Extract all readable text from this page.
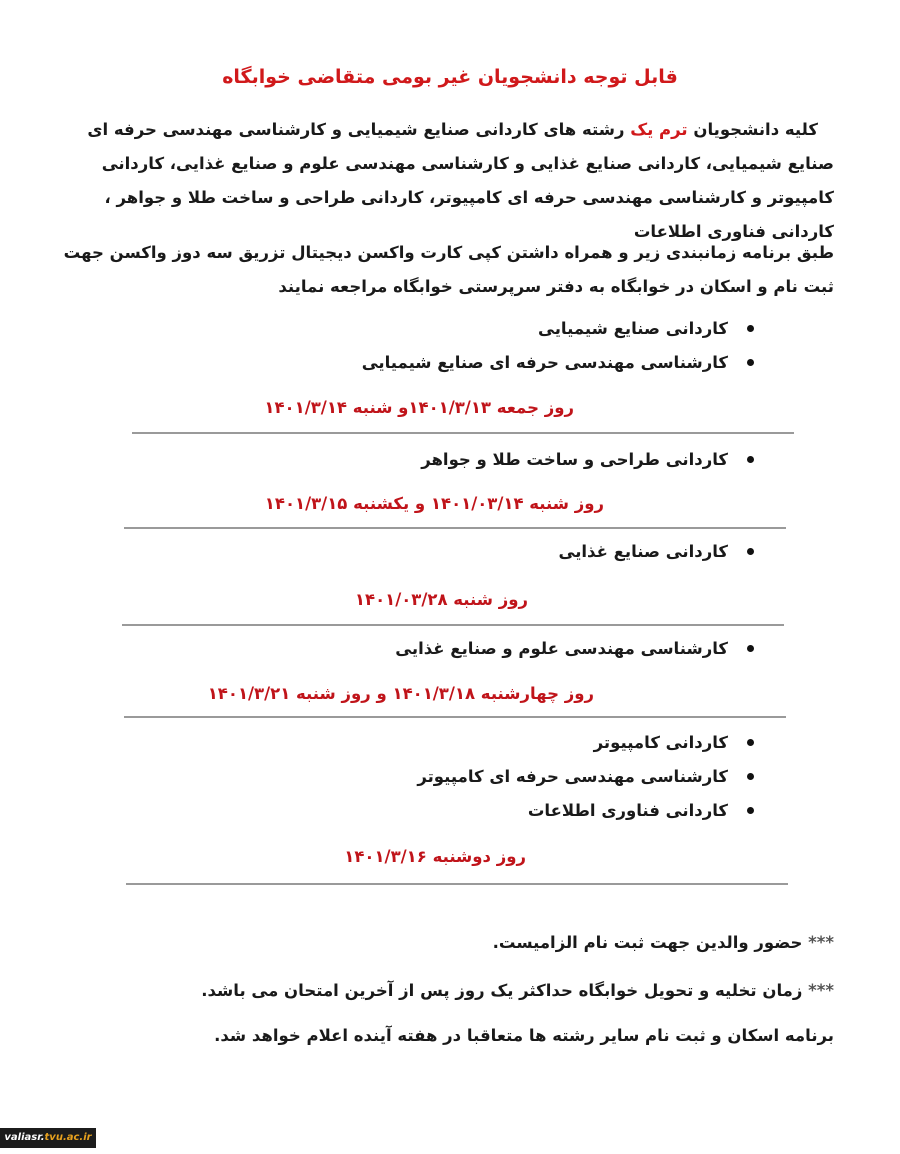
قابل توجه دانشجویان غیر بومی متقاضی خوابگاه

کلیه دانشجویان ترم یک رشته های کاردانی صنایع شیمیایی و کارشناسی مهندسی حرفه ای صنایع شیمیایی، کاردانی صنایع غذایی و کارشناسی مهندسی علوم و صنایع غذایی، کاردانی کامپیوتر و کارشناسی مهندسی حرفه ای کامپیوتر، کاردانی طراحی و ساخت طلا و جواهر ، کاردانی فناوری اطلاعات

طبق برنامه زمانبندی زیر و همراه داشتن کپی کارت واکسن دیجیتال تزریق سه دوز واکسن جهت ثبت نام و اسکان در خوابگاه به دفتر سرپرستی خوابگاه مراجعه نمایند

کاردانی صنایع شیمیایی
کارشناسی مهندسی حرفه ای صنایع شیمیایی
روز جمعه ۱۴۰۱/۳/۱۳و شنبه ۱۴۰۱/۳/۱۴
کاردانی طراحی و ساخت طلا و جواهر
روز شنبه ۱۴۰۱/۰۳/۱۴ و یکشنبه ۱۴۰۱/۳/۱۵
کاردانی صنایع غذایی
روز شنبه ۱۴۰۱/۰۳/۲۸
کارشناسی مهندسی علوم و صنایع غذایی
روز چهارشنبه ۱۴۰۱/۳/۱۸ و روز شنبه ۱۴۰۱/۳/۲۱
کاردانی کامپیوتر
کارشناسی مهندسی حرفه ای کامپیوتر
کاردانی فناوری اطلاعات
روز دوشنبه ۱۴۰۱/۳/۱۶
*** حضور والدین جهت ثبت نام الزامیست.
*** زمان تخلیه و تحویل خوابگاه حداکثر یک روز پس از آخرین امتحان می باشد.
برنامه اسکان و ثبت نام سایر رشته ها متعاقبا در هفته آینده اعلام خواهد شد.
valiasr.tvu.ac.ir
